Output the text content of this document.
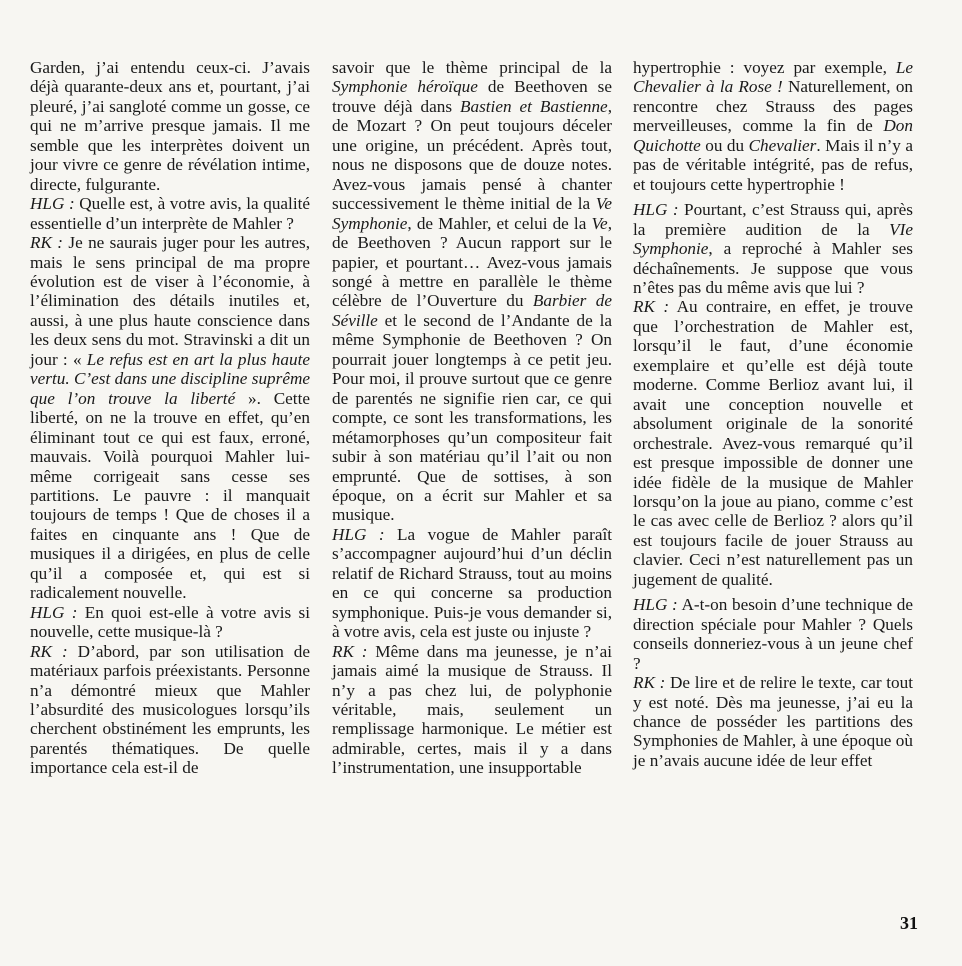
Garden, j’ai entendu ceux-ci. J’avais déjà quarante-deux ans et, pourtant, j’ai pleuré, j’ai sangloté comme un gosse, ce qui ne m’arrive presque jamais. Il me semble que les interprètes doivent un jour vivre ce genre de révélation intime, directe, fulgurante.

HLG : Quelle est, à votre avis, la qualité essentielle d’un interprète de Mahler ?

RK : Je ne saurais juger pour les autres, mais le sens principal de ma propre évolution est de viser à l’économie, à l’élimination des détails inutiles et, aussi, à une plus haute conscience dans les deux sens du mot. Stravinski a dit un jour : « Le refus est en art la plus haute vertu. C’est dans une discipline suprême que l’on trouve la liberté ». Cette liberté, on ne la trouve en effet, qu’en éliminant tout ce qui est faux, erroné, mauvais. Voilà pourquoi Mahler lui-même corrigeait sans cesse ses partitions. Le pauvre : il manquait toujours de temps ! Que de choses il a faites en cinquante ans ! Que de musiques il a dirigées, en plus de celle qu’il a composée et, qui est si radicalement nouvelle.

HLG : En quoi est-elle à votre avis si nouvelle, cette musique-là ?

RK : D’abord, par son utilisation de matériaux parfois préexistants. Personne n’a démontré mieux que Mahler l’absurdité des musicologues lorsqu’ils cherchent obstinément les emprunts, les parentés thématiques. De quelle importance cela est-il de

savoir que le thème principal de la Symphonie héroïque de Beethoven se trouve déjà dans Bastien et Bastienne, de Mozart ? On peut toujours déceler une origine, un précédent. Après tout, nous ne disposons que de douze notes. Avez-vous jamais pensé à chanter successivement le thème initial de la Ve Symphonie, de Mahler, et celui de la Ve, de Beethoven ? Aucun rapport sur le papier, et pourtant… Avez-vous jamais songé à mettre en parallèle le thème célèbre de l’Ouverture du Barbier de Séville et le second de l’Andante de la même Symphonie de Beethoven ? On pourrait jouer longtemps à ce petit jeu. Pour moi, il prouve surtout que ce genre de parentés ne signifie rien car, ce qui compte, ce sont les transformations, les métamorphoses qu’un compositeur fait subir à son matériau qu’il l’ait ou non emprunté. Que de sottises, à son époque, on a écrit sur Mahler et sa musique.

HLG : La vogue de Mahler paraît s’accompagner aujourd’hui d’un déclin relatif de Richard Strauss, tout au moins en ce qui concerne sa production symphonique. Puis-je vous demander si, à votre avis, cela est juste ou injuste ?

RK : Même dans ma jeunesse, je n’ai jamais aimé la musique de Strauss. Il n’y a pas chez lui, de polyphonie véritable, mais, seulement un remplissage harmonique. Le métier est admirable, certes, mais il y a dans l’instrumentation, une insupportable

hypertrophie : voyez par exemple, Le Chevalier à la Rose ! Naturellement, on rencontre chez Strauss des pages merveilleuses, comme la fin de Don Quichotte ou du Chevalier. Mais il n’y a pas de véritable intégrité, pas de refus, et toujours cette hypertrophie !

HLG : Pourtant, c’est Strauss qui, après la première audition de la VIe Symphonie, a reproché à Mahler ses déchaînements. Je suppose que vous n’êtes pas du même avis que lui ?

RK : Au contraire, en effet, je trouve que l’orchestration de Mahler est, lorsqu’il le faut, d’une économie exemplaire et qu’elle est déjà toute moderne. Comme Berlioz avant lui, il avait une conception nouvelle et absolument originale de la sonorité orchestrale. Avez-vous remarqué qu’il est presque impossible de donner une idée fidèle de la musique de Mahler lorsqu’on la joue au piano, comme c’est le cas avec celle de Berlioz ? alors qu’il est toujours facile de jouer Strauss au clavier. Ceci n’est naturellement pas un jugement de qualité.

HLG : A-t-on besoin d’une technique de direction spéciale pour Mahler ? Quels conseils donneriez-vous à un jeune chef ?

RK : De lire et de relire le texte, car tout y est noté. Dès ma jeunesse, j’ai eu la chance de posséder les partitions des Symphonies de Mahler, à une époque où je n’avais aucune idée de leur effet

31
